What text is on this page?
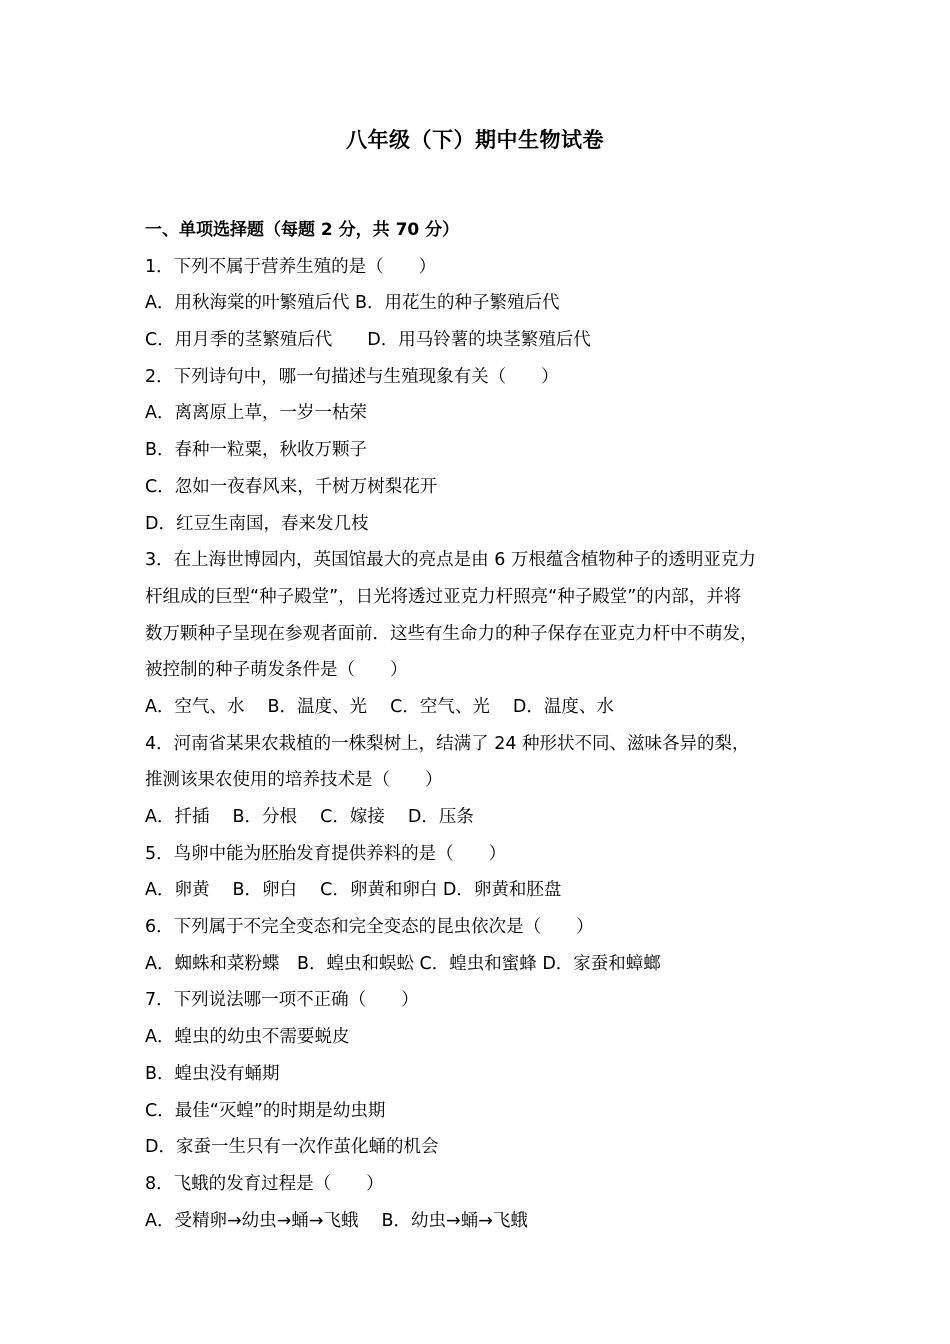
八年级（下）期中生物试卷
一、单项选择题（每题 2 分，共 70 分）
1．下列不属于营养生殖的是（　　）
A．用秋海棠的叶繁殖后代 B．用花生的种子繁殖后代
C．用月季的茎繁殖后代　　D．用马铃薯的块茎繁殖后代
2．下列诗句中，哪一句描述与生殖现象有关（　　）
A．离离原上草，一岁一枯荣
B．春种一粒粟，秋收万颗子
C．忽如一夜春风来，千树万树梨花开
D．红豆生南国，春来发几枝
3．在上海世博园内，英国馆最大的亮点是由 6 万根蕴含植物种子的透明亚克力
杆组成的巨型“种子殿堂”，日光将透过亚克力杆照亮“种子殿堂”的内部，并将
数万颗种子呈现在参观者面前．这些有生命力的种子保存在亚克力杆中不萌发，
被控制的种子萌发条件是（　　）
A．空气、水　 B．温度、光　 C．空气、光　 D．温度、水
4．河南省某果农栽植的一株梨树上，结满了 24 种形状不同、滋味各异的梨，
推测该果农使用的培养技术是（　　）
A．扦插　 B．分根　 C．嫁接　 D．压条
5．鸟卵中能为胚胎发育提供养料的是（　　）
A．卵黄　 B．卵白　 C．卵黄和卵白 D．卵黄和胚盘
6．下列属于不完全变态和完全变态的昆虫依次是（　　）
A．蜘蛛和菜粉蝶　B．蝗虫和蜈蚣 C．蝗虫和蜜蜂 D．家蚕和蟑螂
7．下列说法哪一项不正确（　　）
A．蝗虫的幼虫不需要蜕皮
B．蝗虫没有蛹期
C．最佳“灭蝗”的时期是幼虫期
D．家蚕一生只有一次作茧化蛹的机会
8．飞蛾的发育过程是（　　）
A．受精卵→幼虫→蛹→飞蛾　 B．幼虫→蛹→飞蛾
